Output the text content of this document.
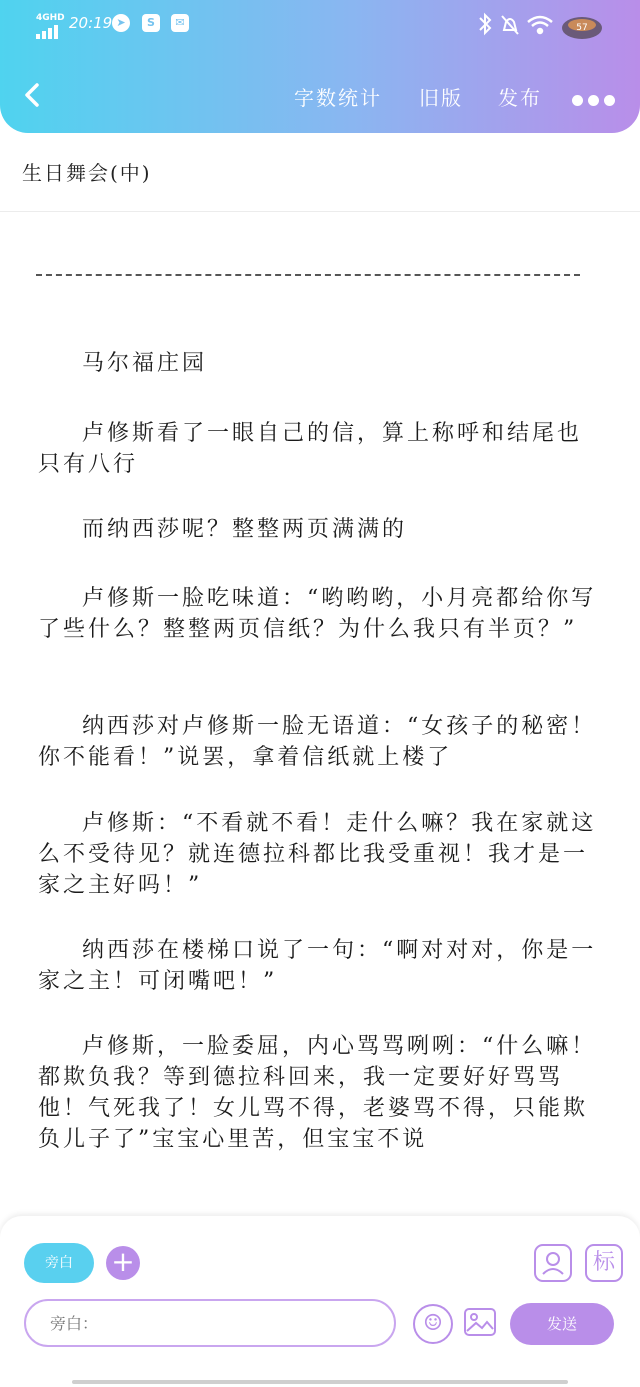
4GHD 20:19 ➤	S	✉	57
字数统计 旧版 发布
生日舞会(中)
马尔福庄园
卢修斯看了一眼自己的信，算上称呼和结尾也只有八行
而纳西莎呢？整整两页满满的
卢修斯一脸吃味道：“哟哟哟，小月亮都给你写了些什么？整整两页信纸？为什么我只有半页？”
纳西莎对卢修斯一脸无语道：“女孩子的秘密！你不能看！”说罢，拿着信纸就上楼了
卢修斯：“不看就不看！走什么嘛？我在家就这么不受待见？就连德拉科都比我受重视！我才是一家之主好吗！”
纳西莎在楼梯口说了一句：“啊对对对，你是一家之主！可闭嘴吧！”
卢修斯，一脸委屈，内心骂骂咧咧：“什么嘛！都欺负我？等到德拉科回来，我一定要好好骂骂他！气死我了！女儿骂不得，老婆骂不得，只能欺负儿子了”宝宝心里苦，但宝宝不说
旁白	+	标
旁白：
☺	发送
